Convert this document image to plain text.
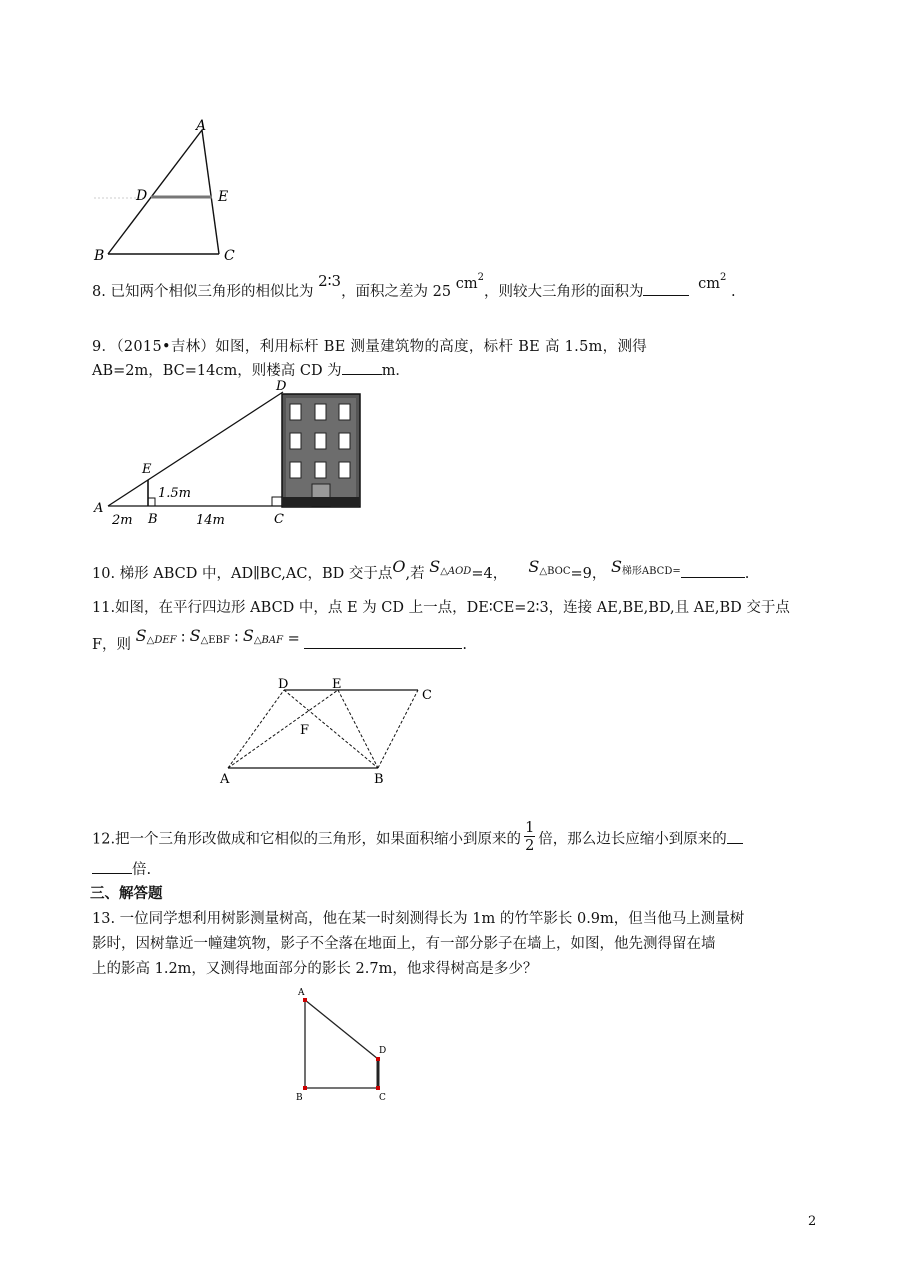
A
D	E
B	C
8. 已知两个相似三角形的相似比为 2∶3，面积之差为 25 $cm^2$，则较大三角形的面积为	$cm^2$ .
9．（2015•吉林）如图，利用标杆 BE 测量建筑物的高度，标杆 BE 高 1.5m，测得
AB=2m，BC=14cm，则楼高 CD 为	m．
D
E
1.5m
A
2m B	14m	C
10. 梯形 ABCD 中，AD∥BC,AC，BD 交于点O,若 $S^{\triangle AOD}=4$， $S^{\triangle BOC}=9$， $S^{梯形ABCD=}$	.
11.如图，在平行四边形 ABCD 中，点 E 为 CD 上一点，DE∶CE=2∶3，连接 AE,BE,BD,且 AE,BD 交于点
F，则 $S^{\triangle DEF}$ ∶ $S^{\triangle EBF}$ ∶ $S^{\triangle BAF}$ =	.
D	E
C
F
A	B
12.把一个三角形改做成和它相似的三角形，如果面积缩小到原来的 $\frac{1}{2}$ 倍，那么边长应缩小到原来的
倍.
三、解答题
13. 一位同学想利用树影测量树高，他在某一时刻测得长为 1m 的竹竿影长 0.9m，但当他马上测量树
影时，因树靠近一幢建筑物，影子不全落在地面上，有一部分影子在墙上，如图，他先测得留在墙
上的影高 1.2m，又测得地面部分的影长 2.7m，他求得树高是多少？
A
D
B	C
2
